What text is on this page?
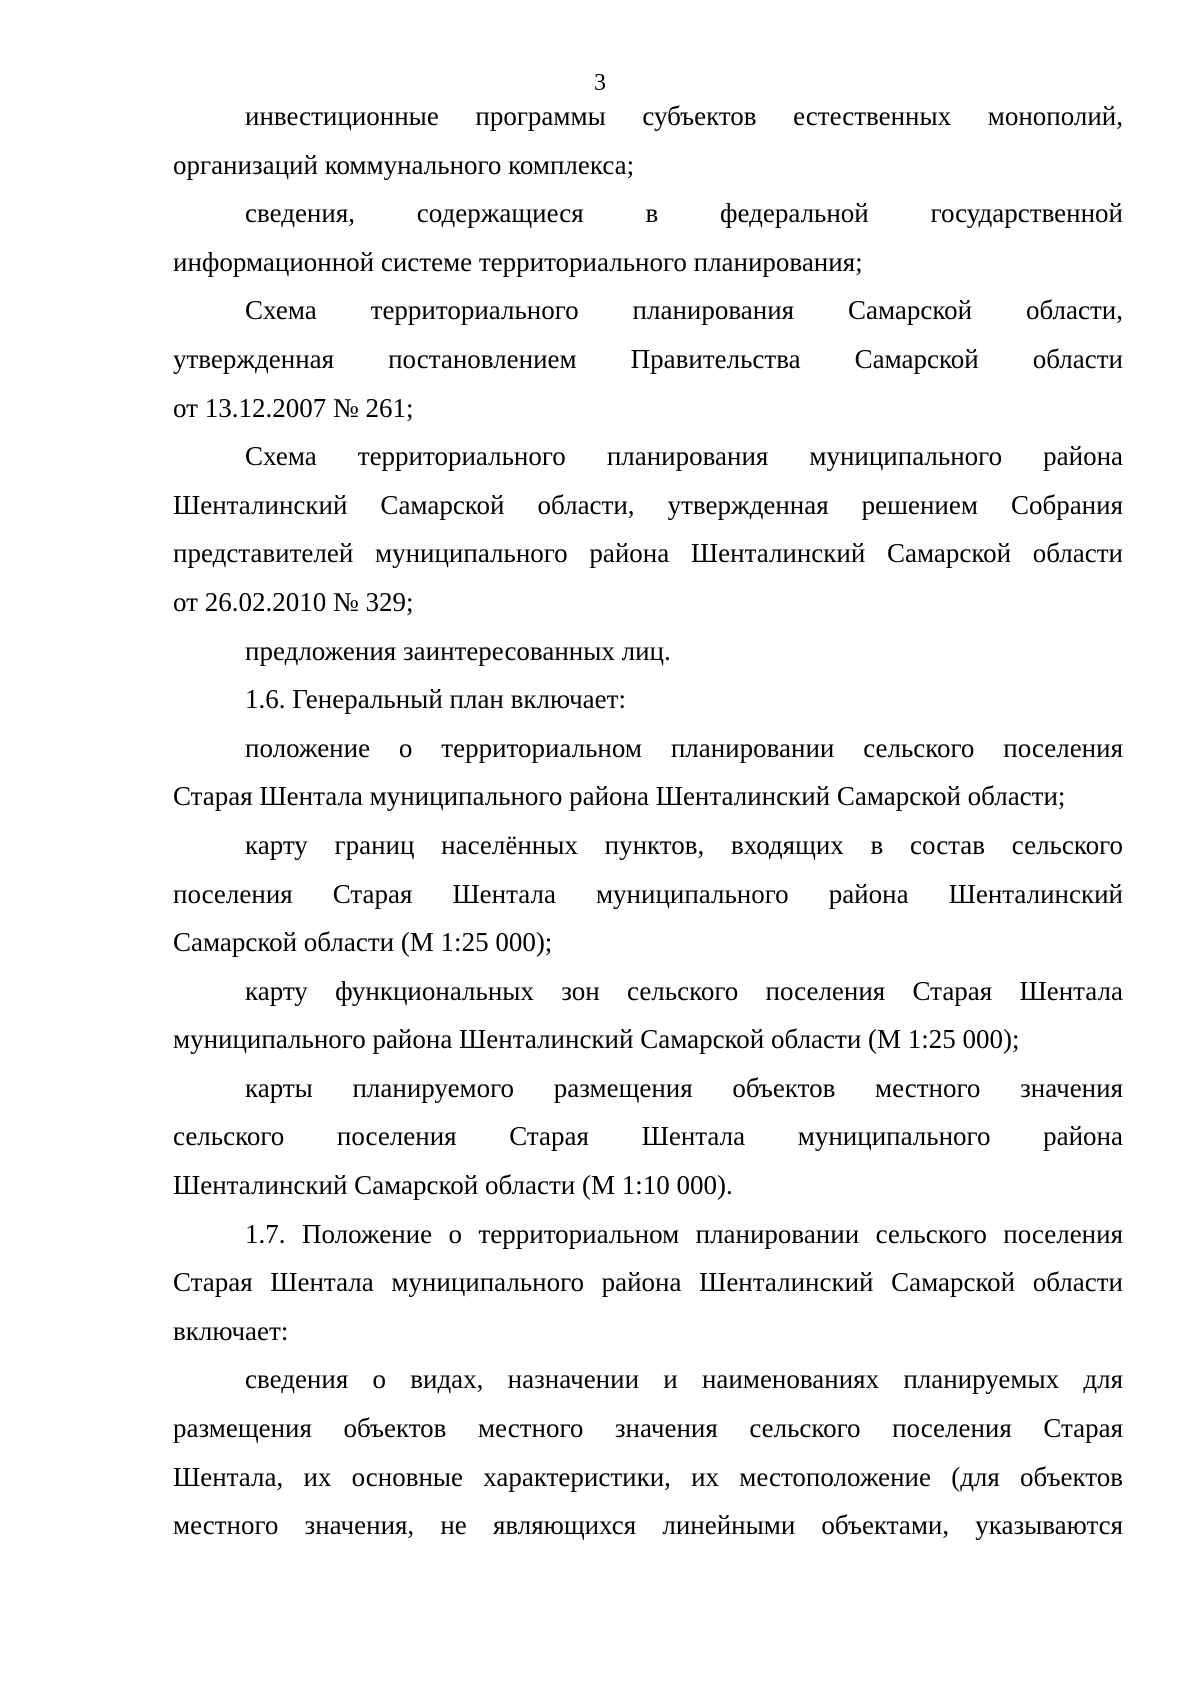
3
инвестиционные программы субъектов естественных монополий,
организаций коммунального комплекса;
сведения, содержащиеся в федеральной государственной
информационной системе территориального планирования;
Схема территориального планирования Самарской области,
утвержденная постановлением Правительства Самарской области
от 13.12.2007 № 261;
Схема территориального планирования муниципального района
Шенталинский Самарской области, утвержденная решением Собрания
представителей муниципального района Шенталинский Самарской области
от 26.02.2010 № 329;
предложения заинтересованных лиц.
1.6. Генеральный план включает:
положение о территориальном планировании сельского поселения
Старая Шентала муниципального района Шенталинский Самарской области;
карту границ населённых пунктов, входящих в состав сельского
поселения Старая Шентала муниципального района Шенталинский
Самарской области (М 1:25 000);
карту функциональных зон сельского поселения Старая Шентала
муниципального района Шенталинский Самарской области (М 1:25 000);
карты планируемого размещения объектов местного значения
сельского поселения Старая Шентала муниципального района
Шенталинский Самарской области (М 1:10 000).
1.7. Положение о территориальном планировании сельского поселения
Старая Шентала муниципального района Шенталинский Самарской области
включает:
сведения о видах, назначении и наименованиях планируемых для
размещения объектов местного значения сельского поселения Старая
Шентала, их основные характеристики, их местоположение (для объектов
местного значения, не являющихся линейными объектами, указываются
